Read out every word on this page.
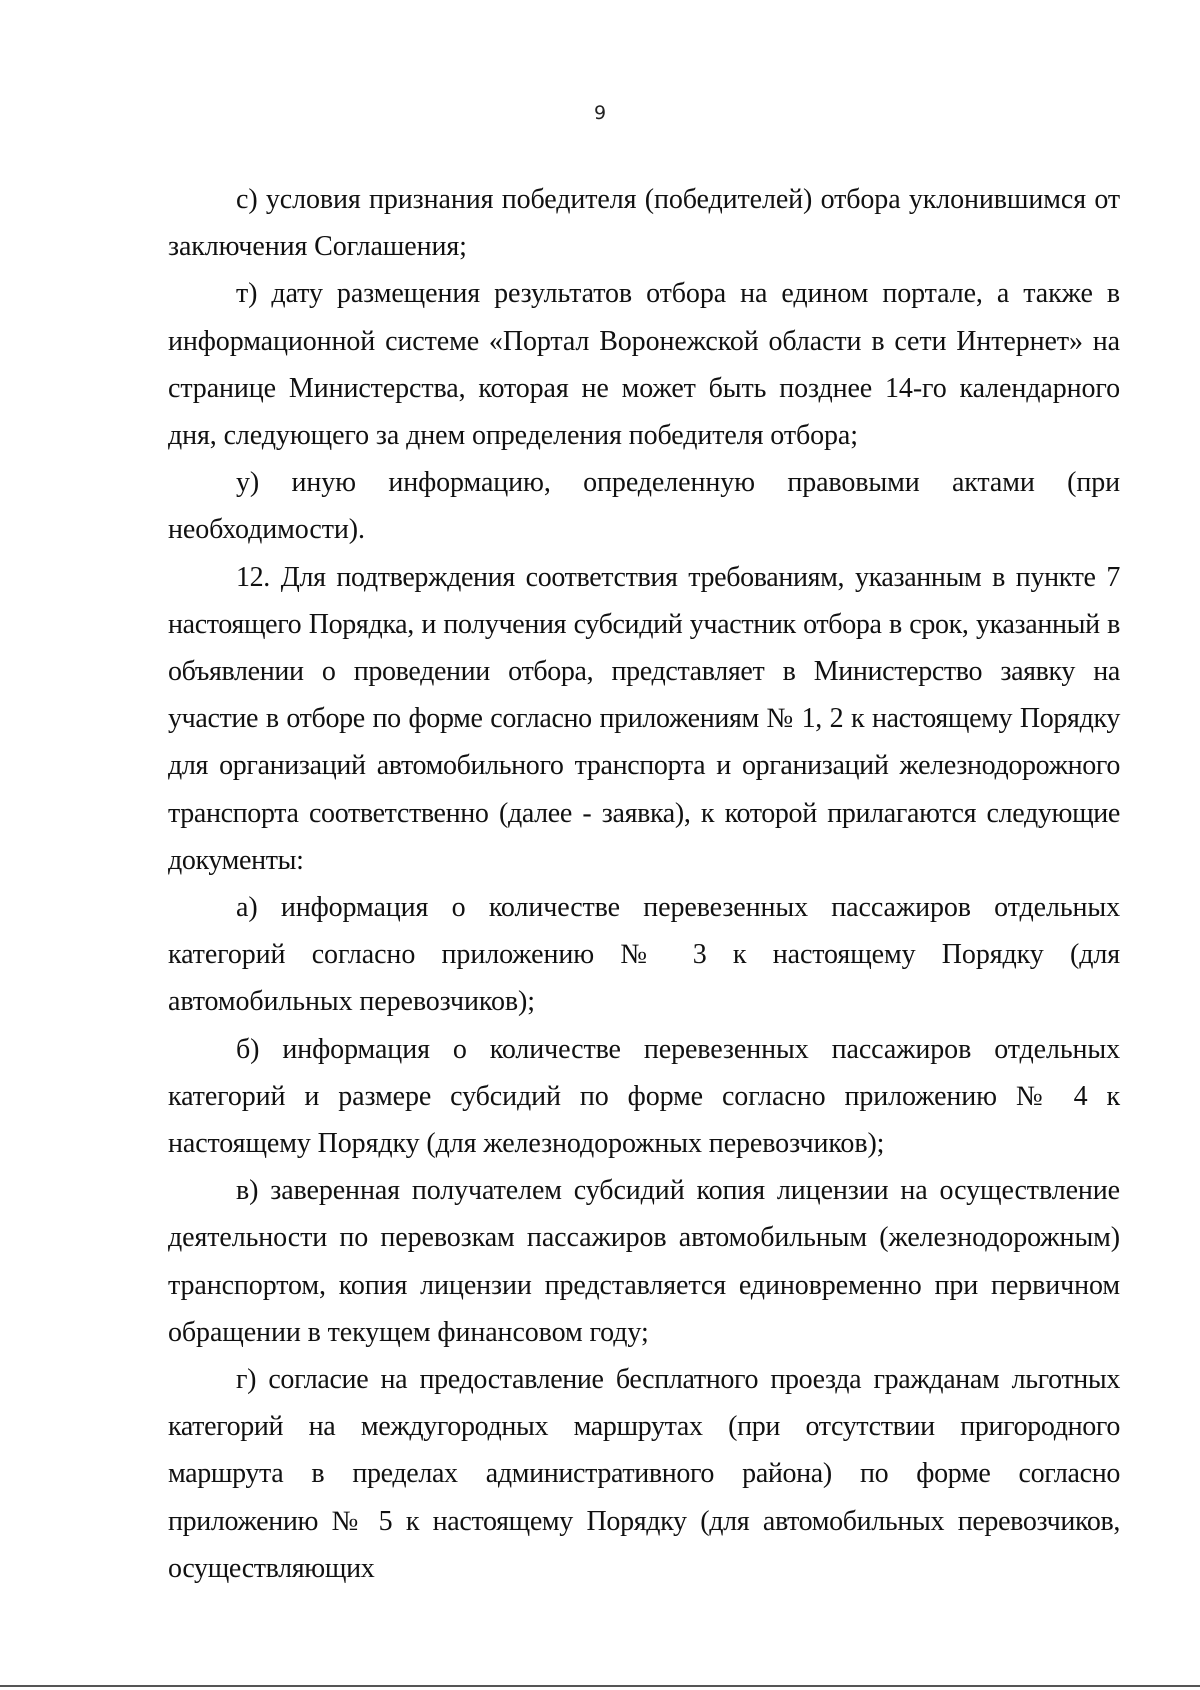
9

с) условия признания победителя (победителей) отбора уклонившимся от заключения Соглашения;

т) дату размещения результатов отбора на едином портале, а также в информационной системе «Портал Воронежской области в сети Интернет» на странице Министерства, которая не может быть позднее 14-го календарного дня, следующего за днем определения победителя отбора;

у) иную информацию, определенную правовыми актами (при необходимости).

12. Для подтверждения соответствия требованиям, указанным в пункте 7 настоящего Порядка, и получения субсидий участник отбора в срок, указанный в объявлении о проведении отбора, представляет в Министерство заявку на участие в отборе по форме согласно приложениям № 1, 2 к настоящему Порядку для организаций автомобильного транспорта и организаций железнодорожного транспорта соответственно (далее - заявка), к которой прилагаются следующие документы:

а) информация о количестве перевезенных пассажиров отдельных категорий согласно приложению № 3 к настоящему Порядку (для автомобильных перевозчиков);

б) информация о количестве перевезенных пассажиров отдельных категорий и размере субсидий по форме согласно приложению № 4 к настоящему Порядку (для железнодорожных перевозчиков);

в) заверенная получателем субсидий копия лицензии на осуществление деятельности по перевозкам пассажиров автомобильным (железнодорожным) транспортом, копия лицензии представляется единовременно при первичном обращении в текущем финансовом году;

г) согласие на предоставление бесплатного проезда гражданам льготных категорий на междугородных маршрутах (при отсутствии пригородного маршрута в пределах административного района) по форме согласно приложению № 5 к настоящему Порядку (для автомобильных перевозчиков, осуществляющих
